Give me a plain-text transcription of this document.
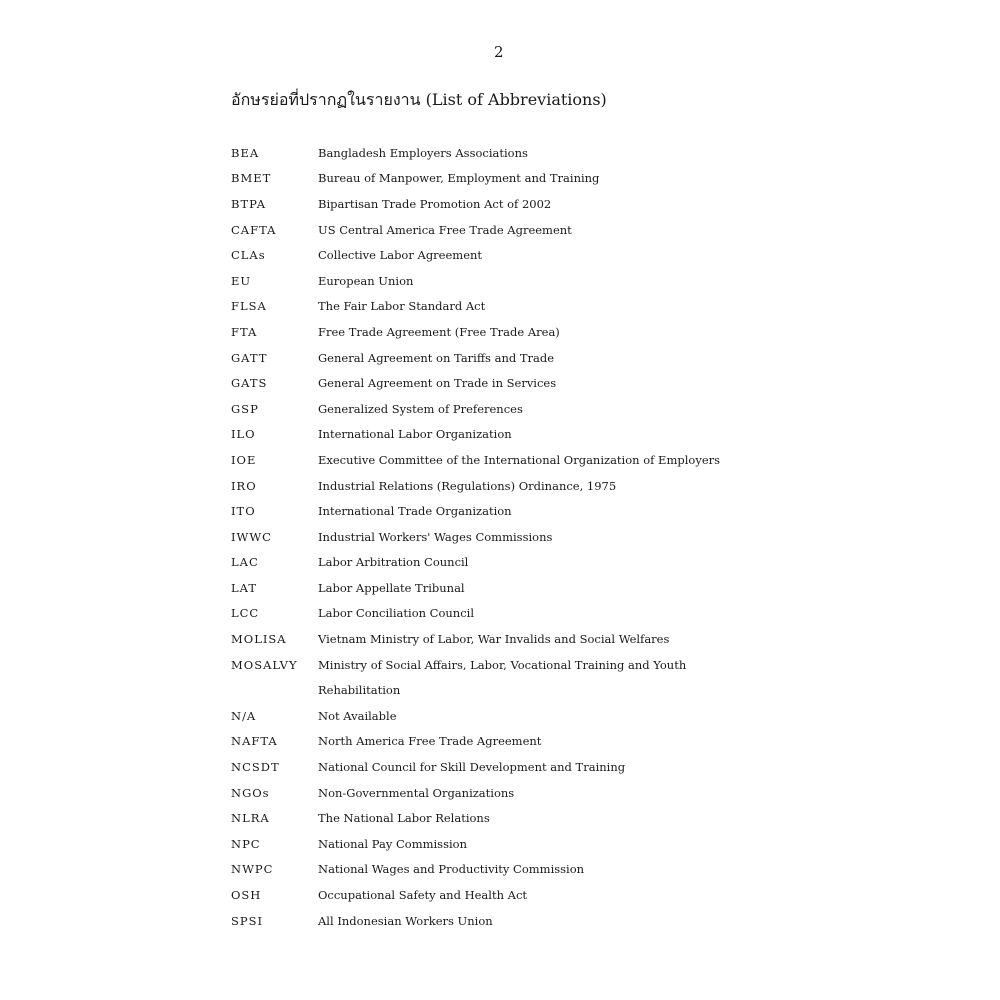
2
อักษรย่อที่ปรากฏในรายงาน (List of Abbreviations)
BEA	Bangladesh Employers Associations
BMET	Bureau of Manpower, Employment and Training
BTPA	Bipartisan Trade Promotion Act of 2002
CAFTA	US Central America Free Trade Agreement
CLAs	Collective Labor Agreement
EU	European Union
FLSA	The Fair Labor Standard Act
FTA	Free Trade Agreement (Free Trade Area)
GATT	General Agreement on Tariffs and Trade
GATS	General Agreement on Trade in Services
GSP	Generalized System of Preferences
ILO	International Labor Organization
IOE	Executive Committee of the International Organization of Employers
IRO	Industrial Relations (Regulations) Ordinance, 1975
ITO	International Trade Organization
IWWC	Industrial Workers' Wages Commissions
LAC	Labor Arbitration Council
LAT	Labor Appellate Tribunal
LCC	Labor Conciliation Council
MOLISA	Vietnam Ministry of Labor, War Invalids and Social Welfares
MOSALVY	Ministry of Social Affairs, Labor, Vocational Training and Youth
Rehabilitation
N/A	Not Available
NAFTA	North America Free Trade Agreement
NCSDT	National Council for Skill Development and Training
NGOs	Non-Governmental Organizations
NLRA	The National Labor Relations
NPC	National Pay Commission
NWPC	National Wages and Productivity Commission
OSH	Occupational Safety and Health Act
SPSI	All Indonesian Workers Union
